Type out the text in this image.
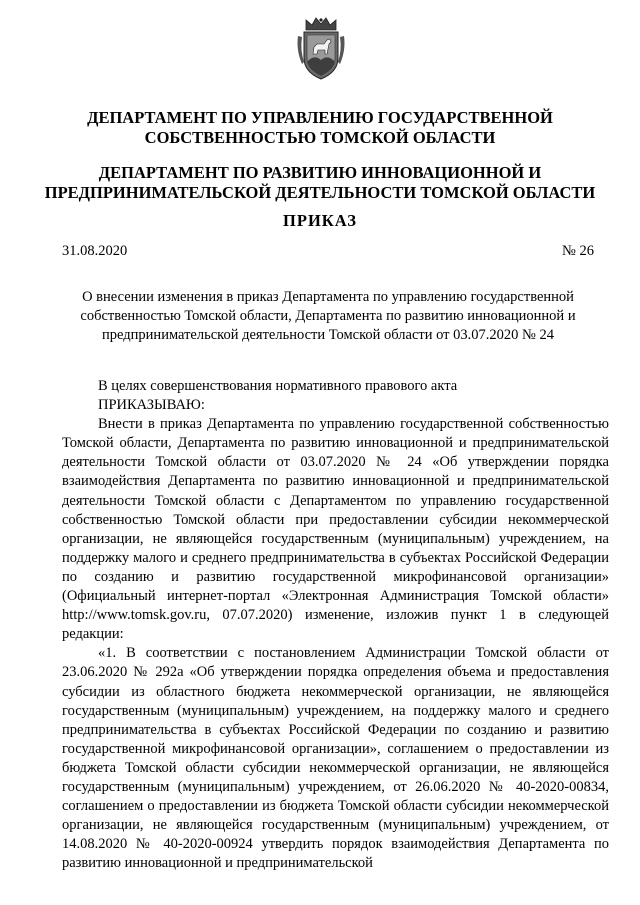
ДЕПАРТАМЕНТ ПО УПРАВЛЕНИЮ ГОСУДАРСТВЕННОЙ СОБСТВЕННОСТЬЮ ТОМСКОЙ ОБЛАСТИ

ДЕПАРТАМЕНТ ПО РАЗВИТИЮ ИННОВАЦИОННОЙ И ПРЕДПРИНИМАТЕЛЬСКОЙ ДЕЯТЕЛЬНОСТИ ТОМСКОЙ ОБЛАСТИ

ПРИКАЗ

31.08.2020	№ 26

О внесении изменения в приказ Департамента по управлению государственной собственностью Томской области, Департамента по развитию инновационной и предпринимательской деятельности Томской области от 03.07.2020 № 24

В целях совершенствования нормативного правового акта

ПРИКАЗЫВАЮ:

Внести в приказ Департамента по управлению государственной собственностью Томской области, Департамента по развитию инновационной и предпринимательской деятельности Томской области от 03.07.2020 № 24 «Об утверждении порядка взаимодействия Департамента по развитию инновационной и предпринимательской деятельности Томской области с Департаментом по управлению государственной собственностью Томской области при предоставлении субсидии некоммерческой организации, не являющейся государственным (муниципальным) учреждением, на поддержку малого и среднего предпринимательства в субъектах Российской Федерации по созданию и развитию государственной микрофинансовой организации» (Официальный интернет-портал «Электронная Администрация Томской области» http://www.tomsk.gov.ru, 07.07.2020) изменение, изложив пункт 1 в следующей редакции:

«1. В соответствии с постановлением Администрации Томской области от 23.06.2020 № 292а «Об утверждении порядка определения объема и предоставления субсидии из областного бюджета некоммерческой организации, не являющейся государственным (муниципальным) учреждением, на поддержку малого и среднего предпринимательства в субъектах Российской Федерации по созданию и развитию государственной микрофинансовой организации», соглашением о предоставлении из бюджета Томской области субсидии некоммерческой организации, не являющейся государственным (муниципальным) учреждением, от 26.06.2020 № 40-2020-00834, соглашением о предоставлении из бюджета Томской области субсидии некоммерческой организации, не являющейся государственным (муниципальным) учреждением, от 14.08.2020 № 40-2020-00924 утвердить порядок взаимодействия Департамента по развитию инновационной и предпринимательской
